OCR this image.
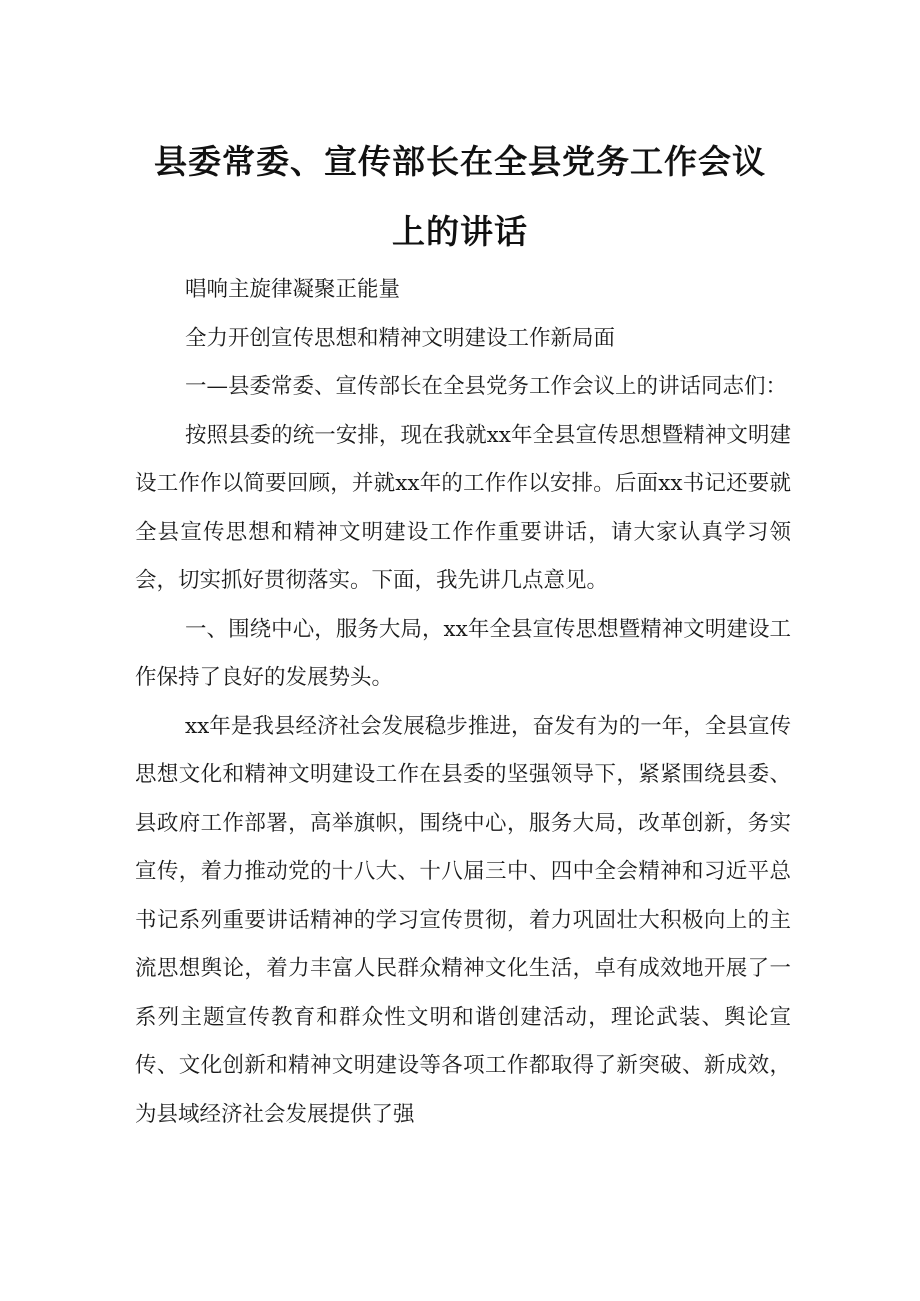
县委常委、宣传部长在全县党务工作会议
上的讲话

唱响主旋律凝聚正能量

全力开创宣传思想和精神文明建设工作新局面

一—县委常委、宣传部长在全县党务工作会议上的讲话同志们：

按照县委的统一安排，现在我就xx年全县宣传思想暨精神文明建设工作作以简要回顾，并就xx年的工作作以安排。后面xx书记还要就全县宣传思想和精神文明建设工作作重要讲话，请大家认真学习领会，切实抓好贯彻落实。下面，我先讲几点意见。

一、围绕中心，服务大局，xx年全县宣传思想暨精神文明建设工作保持了良好的发展势头。

xx年是我县经济社会发展稳步推进，奋发有为的一年，全县宣传思想文化和精神文明建设工作在县委的坚强领导下，紧紧围绕县委、县政府工作部署，高举旗帜，围绕中心，服务大局，改革创新，务实宣传，着力推动党的十八大、十八届三中、四中全会精神和习近平总书记系列重要讲话精神的学习宣传贯彻，着力巩固壮大积极向上的主流思想舆论，着力丰富人民群众精神文化生活，卓有成效地开展了一系列主题宣传教育和群众性文明和谐创建活动，理论武装、舆论宣传、文化创新和精神文明建设等各项工作都取得了新突破、新成效，为县域经济社会发展提供了强
